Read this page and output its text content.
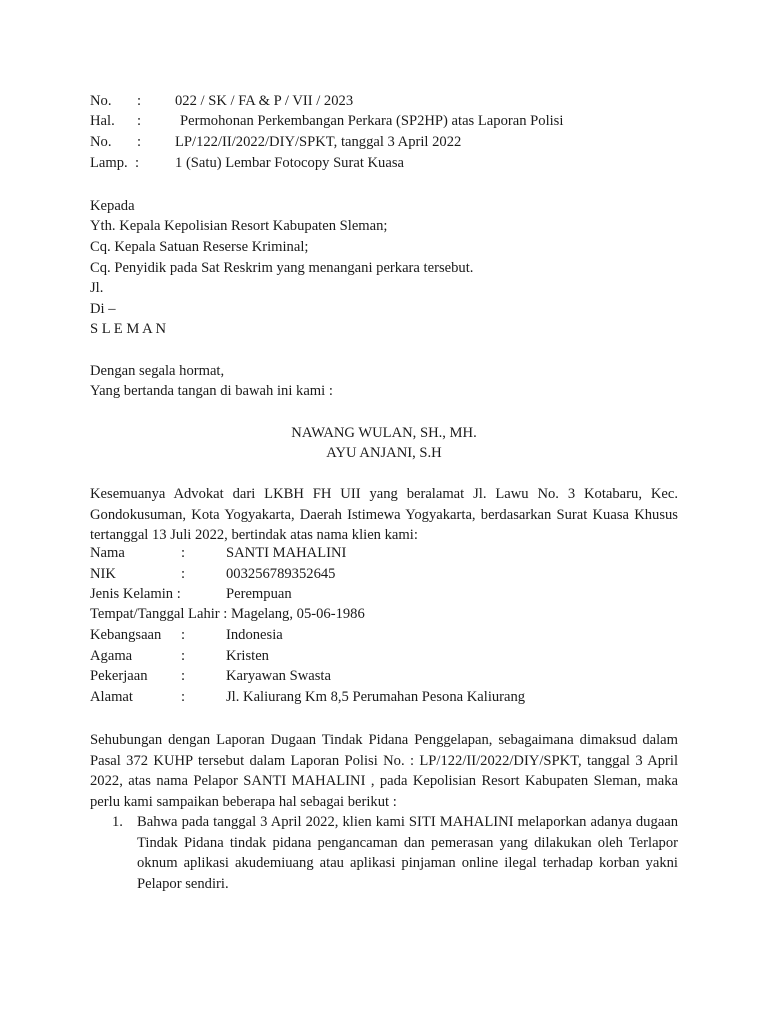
No. : 022 / SK / FA & P / VII / 2023
Hal. :	Permohonan Perkembangan Perkara (SP2HP) atas Laporan Polisi
No. : LP/122/II/2022/DIY/SPKT, tanggal 3 April 2022
Lamp. : 1 (Satu) Lembar Fotocopy Surat Kuasa
Kepada
Yth. Kepala Kepolisian Resort Kabupaten Sleman;
Cq. Kepala Satuan Reserse Kriminal;
Cq. Penyidik pada Sat Reskrim yang menangani perkara tersebut.
Jl.
Di –
S L E M A N
Dengan segala hormat,
Yang bertanda tangan di bawah ini kami :
NAWANG WULAN, SH., MH.
AYU ANJANI, S.H
Kesemuanya Advokat dari LKBH FH UII yang beralamat Jl. Lawu No. 3 Kotabaru, Kec. Gondokusuman, Kota Yogyakarta, Daerah Istimewa Yogyakarta, berdasarkan Surat Kuasa Khusus tertanggal 13 Juli 2022, bertindak atas nama klien kami:
Nama	:	SANTI MAHALINI
NIK	:	003256789352645
Jenis Kelamin :	Perempuan
Tempat/Tanggal Lahir : Magelang, 05-06-1986
Kebangsaan :	Indonesia
Agama	:	Kristen
Pekerjaan :	Karyawan Swasta
Alamat	:	Jl. Kaliurang Km 8,5 Perumahan Pesona Kaliurang
Sehubungan dengan Laporan Dugaan Tindak Pidana Penggelapan, sebagaimana dimaksud dalam Pasal 372 KUHP tersebut dalam Laporan Polisi No. : LP/122/II/2022/DIY/SPKT, tanggal 3 April 2022, atas nama Pelapor SANTI MAHALINI , pada Kepolisian Resort Kabupaten Sleman, maka perlu kami sampaikan beberapa hal sebagai berikut :
1. Bahwa pada tanggal 3 April 2022, klien kami SITI MAHALINI melaporkan adanya dugaan Tindak Pidana tindak pidana pengancaman dan pemerasan yang dilakukan oleh Terlapor oknum aplikasi akudemiuang atau aplikasi pinjaman online ilegal terhadap korban yakni Pelapor sendiri.
